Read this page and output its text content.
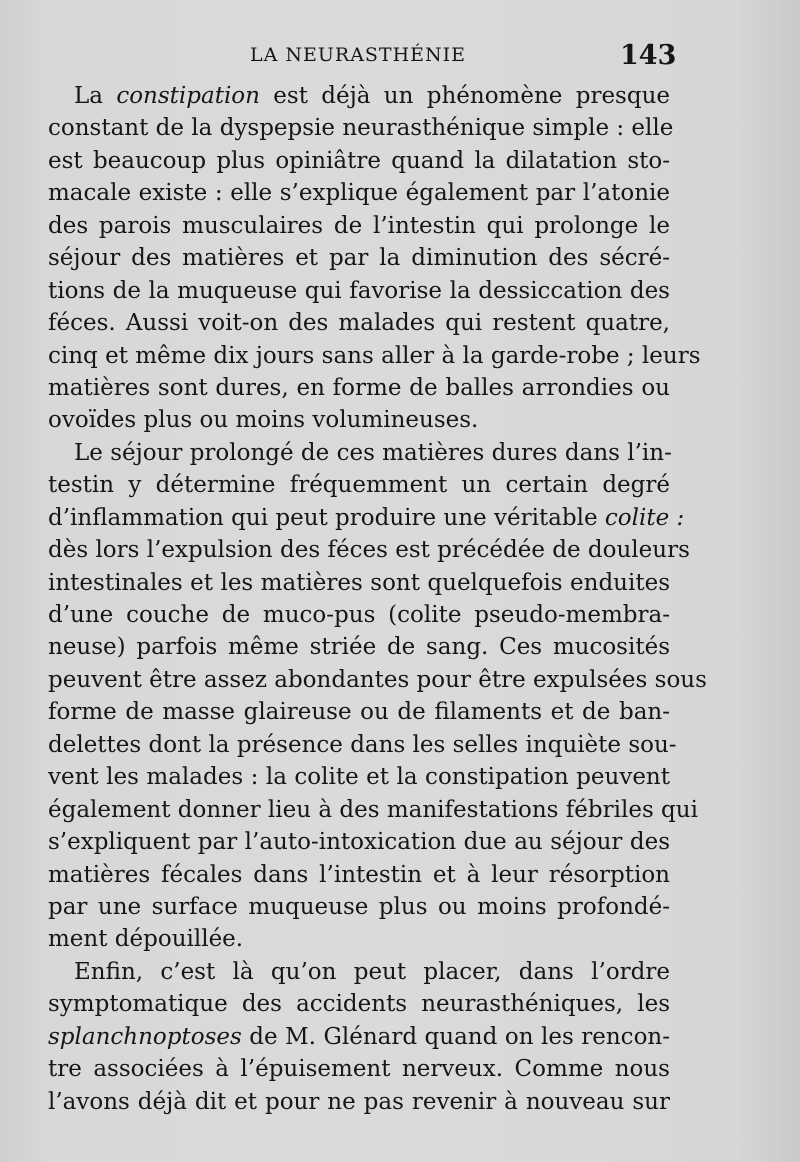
LA NEURASTHÉNIE	143
La constipation est déjà un phénomène presque
constant de la dyspepsie neurasthénique simple : elle
est beaucoup plus opiniâtre quand la dilatation sto-
macale existe : elle s’explique également par l’atonie
des parois musculaires de l’intestin qui prolonge le
séjour des matières et par la diminution des sécré-
tions de la muqueuse qui favorise la dessiccation des
féces. Aussi voit-on des malades qui restent quatre,
cinq et même dix jours sans aller à la garde-robe ; leurs
matières sont dures, en forme de balles arrondies ou
ovoïdes plus ou moins volumineuses.
Le séjour prolongé de ces matières dures dans l’in-
testin y détermine fréquemment un certain degré
d’inflammation qui peut produire une véritable colite :
dès lors l’expulsion des féces est précédée de douleurs
intestinales et les matières sont quelquefois enduites
d’une couche de muco-pus (colite pseudo-membra-
neuse) parfois même striée de sang. Ces mucosités
peuvent être assez abondantes pour être expulsées sous
forme de masse glaireuse ou de filaments et de ban-
delettes dont la présence dans les selles inquiète sou-
vent les malades : la colite et la constipation peuvent
également donner lieu à des manifestations fébriles qui
s’expliquent par l’auto-intoxication due au séjour des
matières fécales dans l’intestin et à leur résorption
par une surface muqueuse plus ou moins profondé-
ment dépouillée.
Enfin, c’est là qu’on peut placer, dans l’ordre
symptomatique des accidents neurasthéniques, les
splanchnoptoses de M. Glénard quand on les rencon-
tre associées à l’épuisement nerveux. Comme nous
l’avons déjà dit et pour ne pas revenir à nouveau sur
